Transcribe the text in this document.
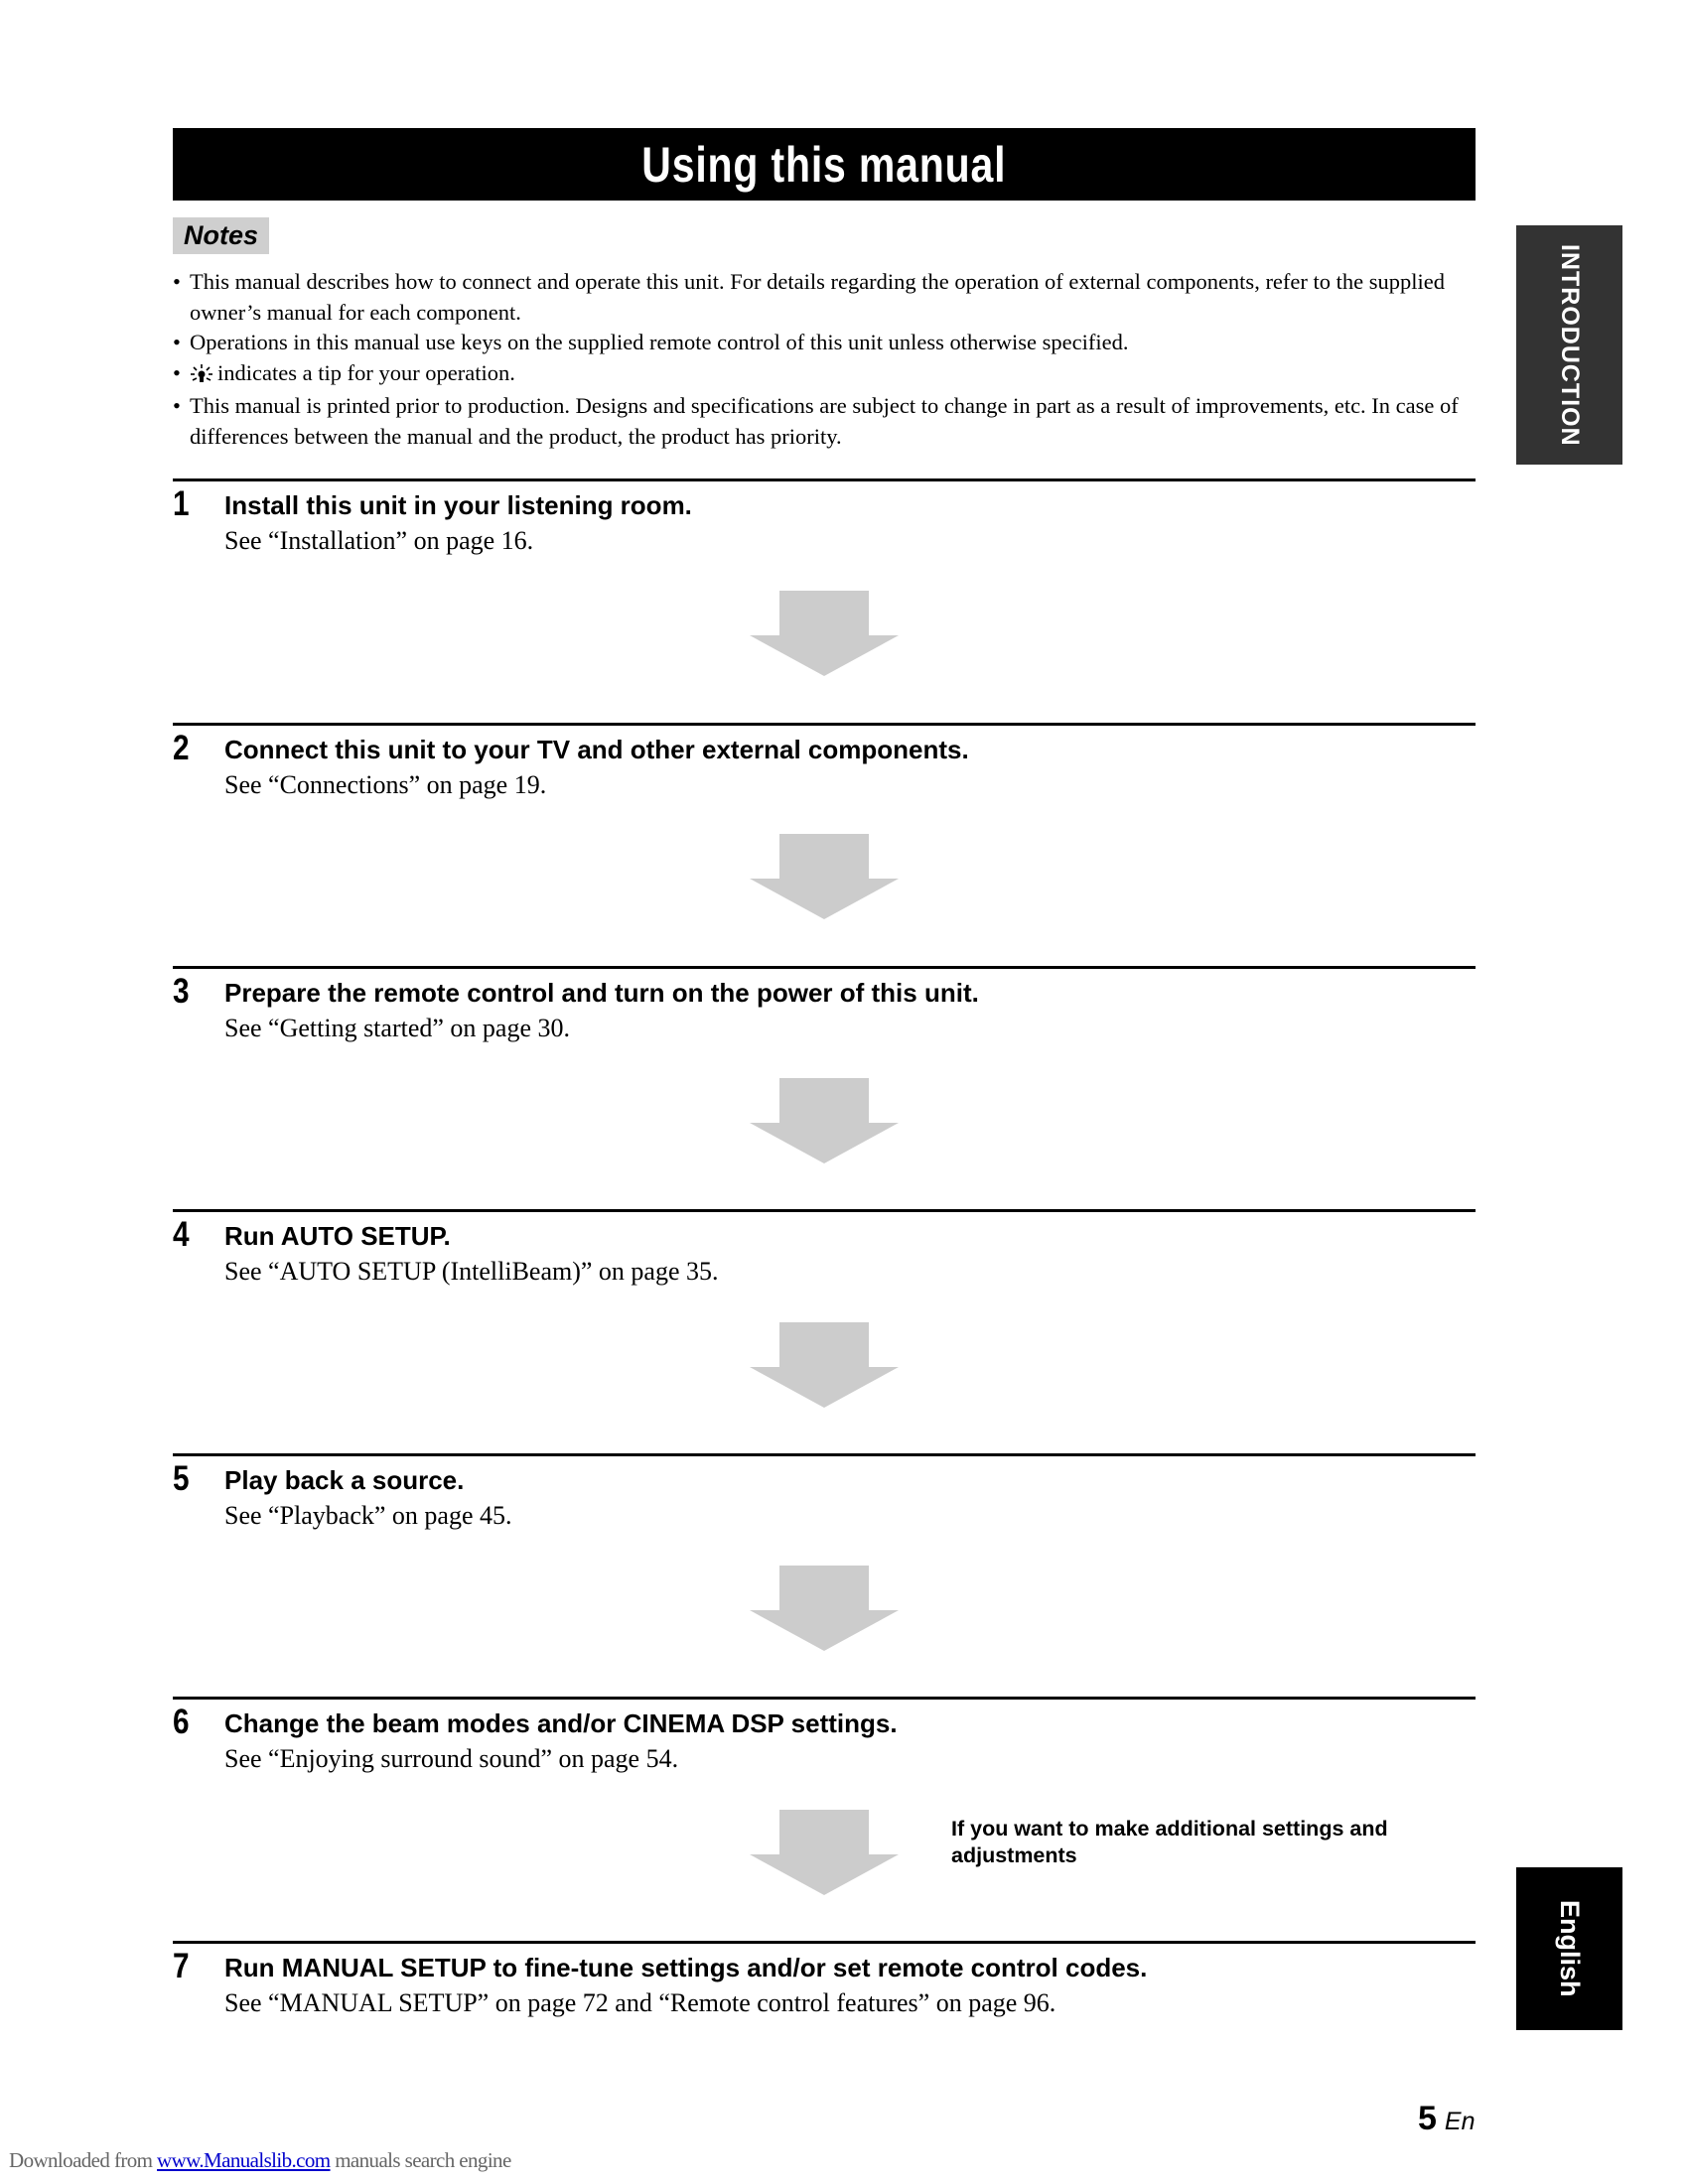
Using this manual
Notes
• This manual describes how to connect and operate this unit. For details regarding the operation of external components, refer to the supplied owner’s manual for each component.
• Operations in this manual use keys on the supplied remote control of this unit unless otherwise specified.
• indicates a tip for your operation.
• This manual is printed prior to production. Designs and specifications are subject to change in part as a result of improvements, etc. In case of differences between the manual and the product, the product has priority.	INTRODUCTION
1 Install this unit in your listening room.
See “Installation” on page 16.
2 Connect this unit to your TV and other external components.
See “Connections” on page 19.
3 Prepare the remote control and turn on the power of this unit.
See “Getting started” on page 30.
4 Run AUTO SETUP.
See “AUTO SETUP (IntelliBeam)” on page 35.
5 Play back a source.
See “Playback” on page 45.
6 Change the beam modes and/or CINEMA DSP settings.
See “Enjoying surround sound” on page 54.
If you want to make additional settings and adjustments
7 Run MANUAL SETUP to fine-tune settings and/or set remote control codes.
See “MANUAL SETUP” on page 72 and “Remote control features” on page 96.
English
5 En
Downloaded from www.Manualslib.com manuals search engine
